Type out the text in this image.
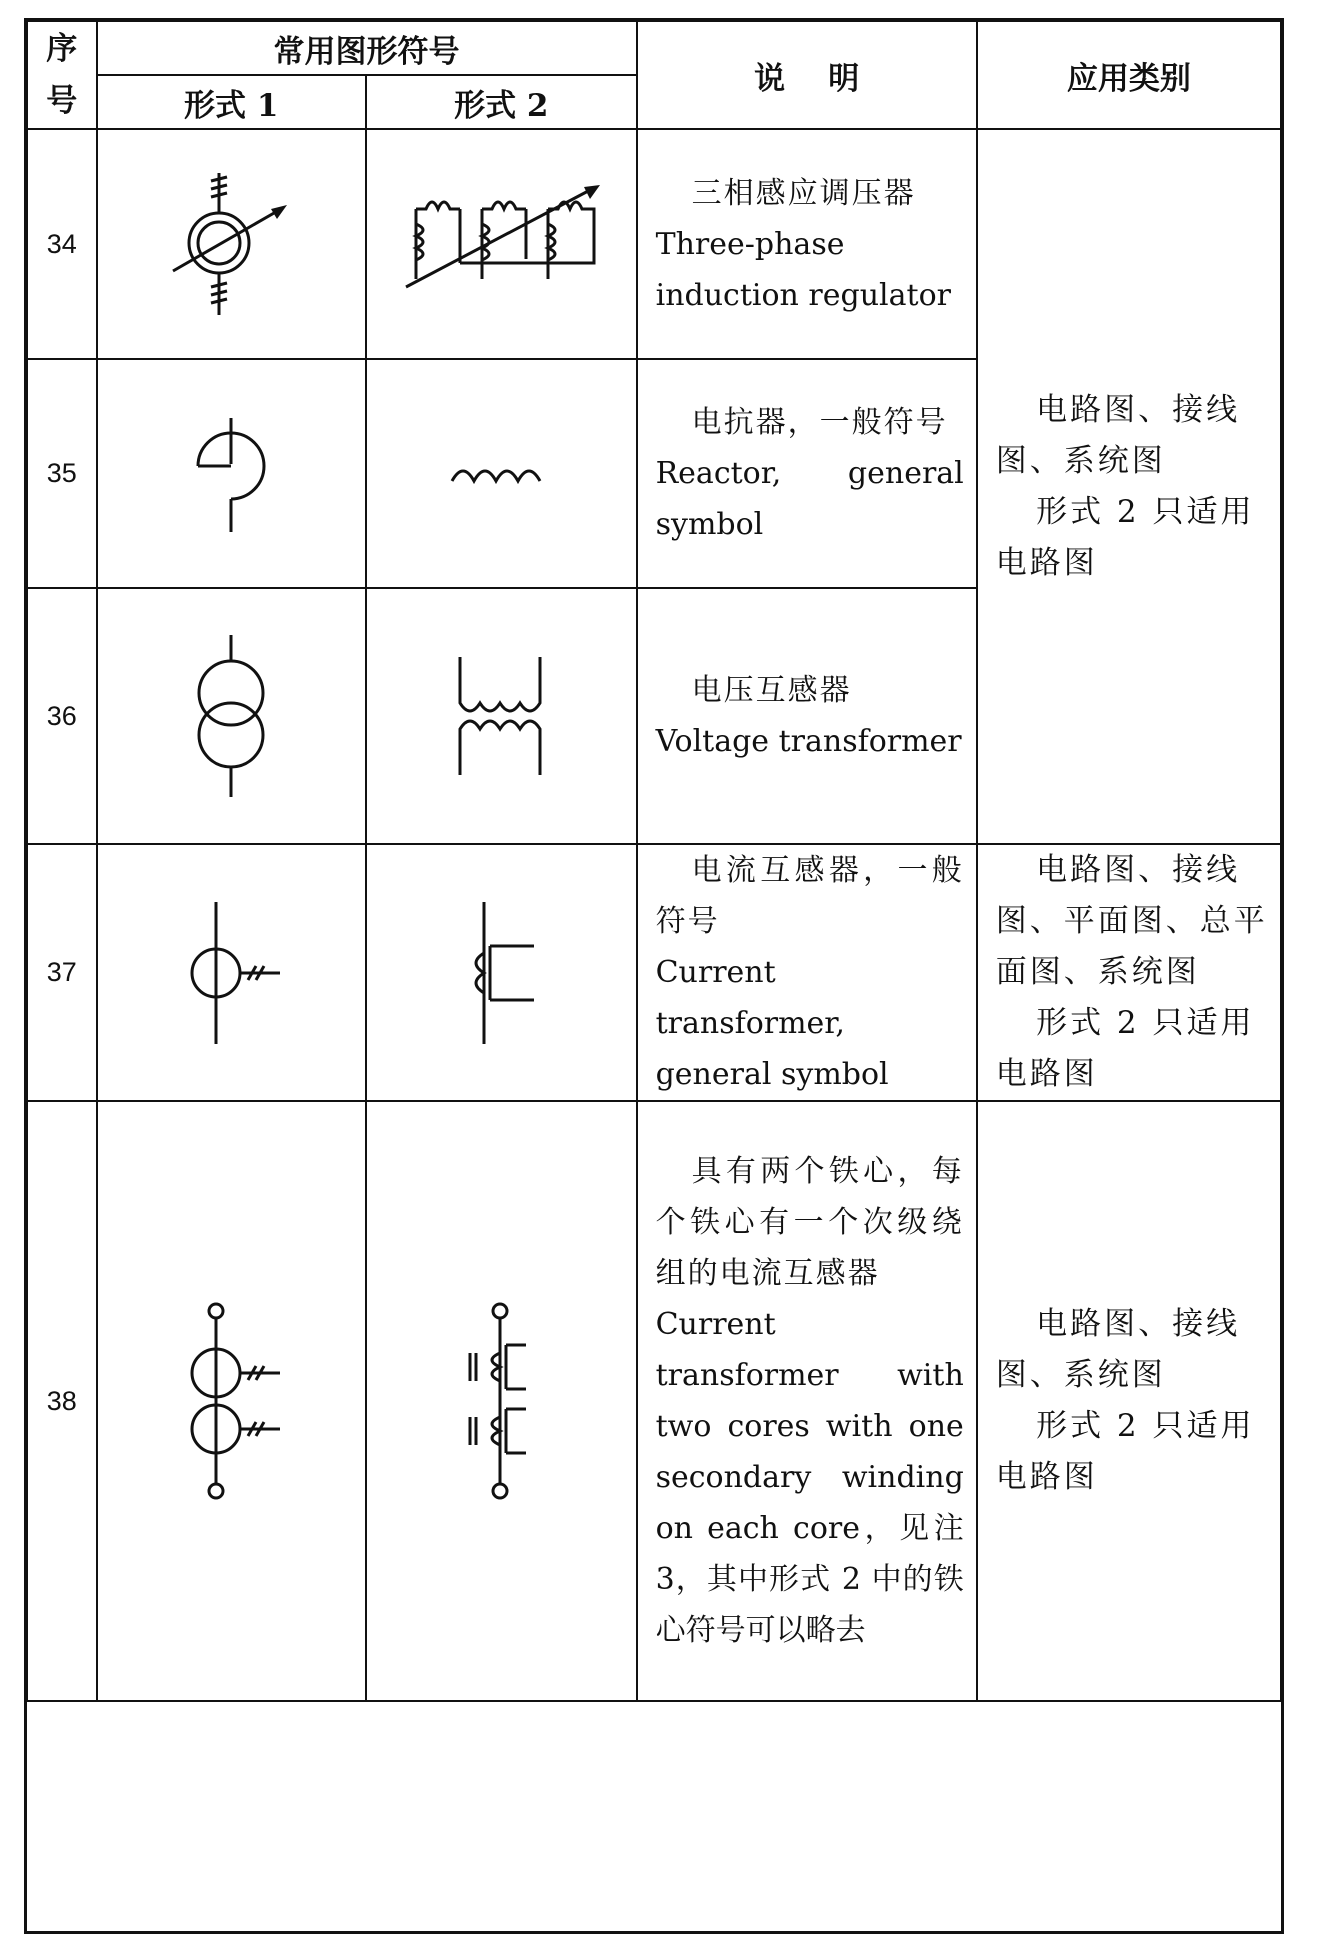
序号	常用图形符号		说    明	应用类别
	形式 1	形式 2		
34			三相感应调压器
Three-phase induction regulator	电路图、接线图、系统图
形式 2 只适用电路图

35			电抗器，一般符号
Reactor, general symbol	
36			电压互感器
Voltage transformer	
37			电流互感器，一般符号
Current transformer, general symbol	电路图、接线图、平面图、总平面图、系统图
形式 2 只适用电路图

38			具有两个铁心，每个铁心有一个次级绕组的电流互感器
Current transformer with two cores with one secondary winding on each core，见注 3，其中形式 2 中的铁心符号可以略去	电路图、接线图、系统图
形式 2 只适用电路图
